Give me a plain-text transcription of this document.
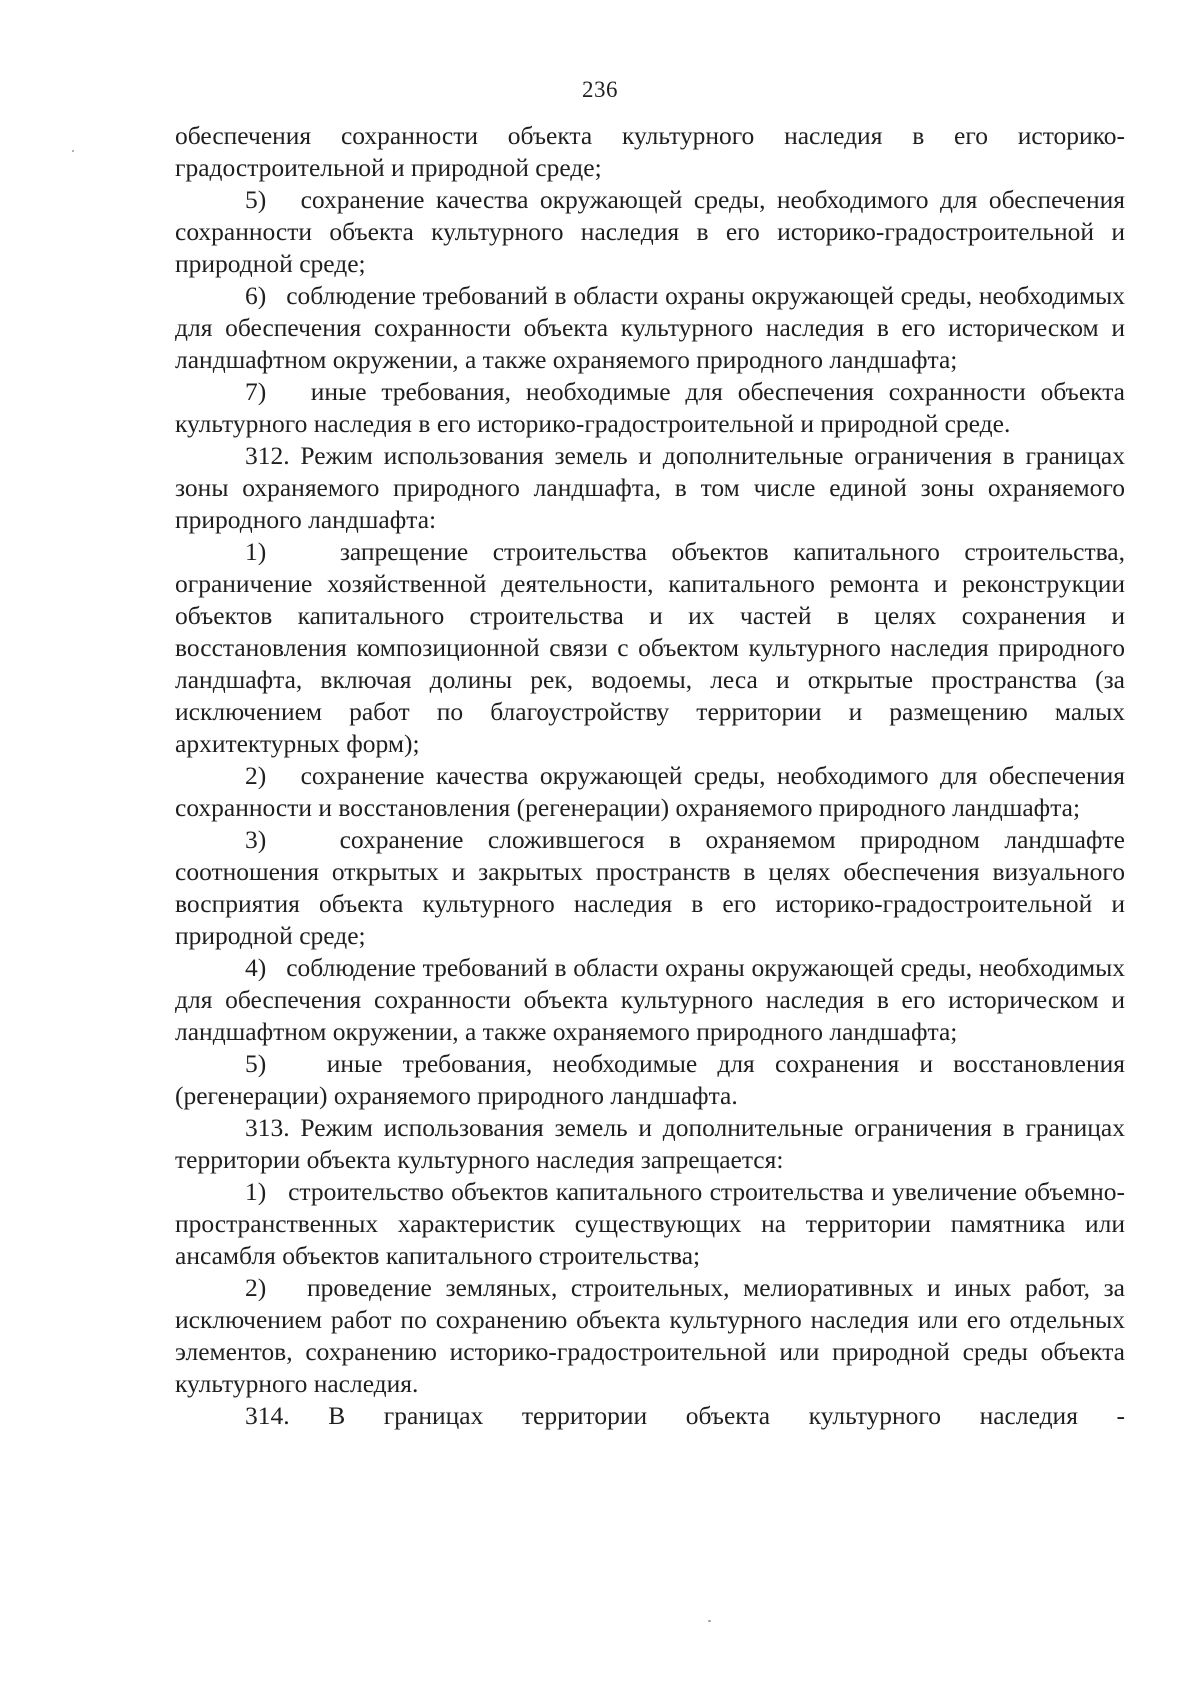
236

обеспечения сохранности объекта культурного наследия в его историко-градостроительной и природной среде;

5)   сохранение качества окружающей среды, необходимого для обеспечения сохранности объекта культурного наследия в его историко-градостроительной и природной среде;

6)   соблюдение требований в области охраны окружающей среды, необходимых для обеспечения сохранности объекта культурного наследия в его историческом и ландшафтном окружении, а также охраняемого природного ландшафта;

7)   иные требования, необходимые для обеспечения сохранности объекта культурного наследия в его историко-градостроительной и природной среде.

312. Режим использования земель и дополнительные ограничения в границах зоны охраняемого природного ландшафта, в том числе единой зоны охраняемого природного ландшафта:

1)   запрещение строительства объектов капитального строительства, ограничение хозяйственной деятельности, капитального ремонта и реконструкции объектов капитального строительства и их частей в целях сохранения и восстановления композиционной связи с объектом культурного наследия природного ландшафта, включая долины рек, водоемы, леса и открытые пространства (за исключением работ по благоустройству территории и размещению малых архитектурных форм);

2)   сохранение качества окружающей среды, необходимого для обеспечения сохранности и восстановления (регенерации) охраняемого природного ландшафта;

3)   сохранение сложившегося в охраняемом природном ландшафте соотношения открытых и закрытых пространств в целях обеспечения визуального восприятия объекта культурного наследия в его историко-градостроительной и природной среде;

4)   соблюдение требований в области охраны окружающей среды, необходимых для обеспечения сохранности объекта культурного наследия в его историческом и ландшафтном окружении, а также охраняемого природного ландшафта;

5)   иные требования, необходимые для сохранения и восстановления (регенерации) охраняемого природного ландшафта.

313. Режим использования земель и дополнительные ограничения в границах территории объекта культурного наследия запрещается:

1)   строительство объектов капитального строительства и увеличение объемно-пространственных характеристик существующих на территории памятника или ансамбля объектов капитального строительства;

2)   проведение земляных, строительных, мелиоративных и иных работ, за исключением работ по сохранению объекта культурного наследия или его отдельных элементов, сохранению историко-градостроительной или природной среды объекта культурного наследия.

314. В границах территории объекта культурного наследия -
